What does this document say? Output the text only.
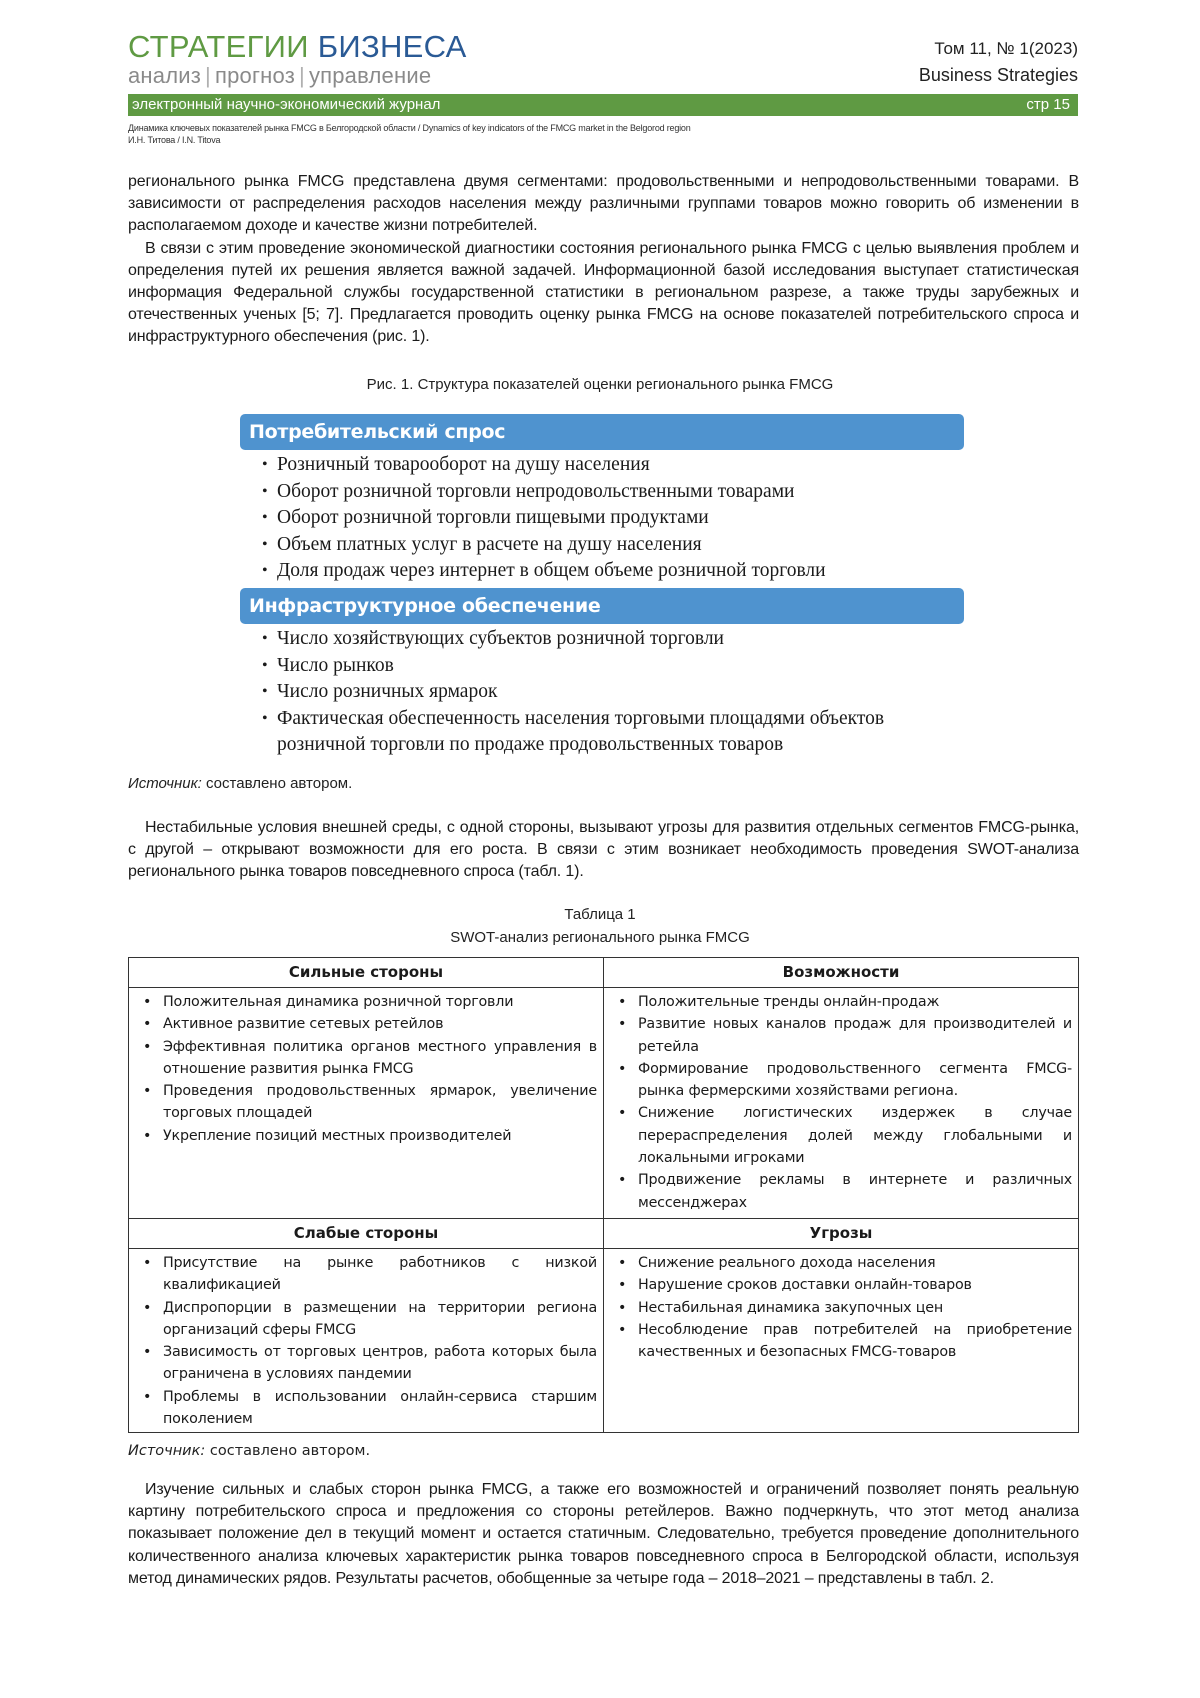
СТРАТЕГИИ БИЗНЕСА
анализ | прогноз | управление
Том 11, № 1(2023)
Business Strategies
электронный научно-экономический журнал	стр 15
Динамика ключевых показателей рынка FMCG в Белгородской области / Dynamics of key indicators of the FMCG market in the Belgorod region
И.Н. Титова / I.N. Titova

регионального рынка FMCG представлена двумя сегментами: продовольственными и непродовольственными товарами. В зависимости от распределения расходов населения между различными группами товаров можно говорить об изменении в располагаемом доходе и качестве жизни потребителей.

В связи с этим проведение экономической диагностики состояния регионального рынка FMCG с целью выявления проблем и определения путей их решения является важной задачей. Информационной базой исследования выступает статистическая информация Федеральной службы государственной статистики в региональном разрезе, а также труды зарубежных и отечественных ученых [5; 7]. Предлагается проводить оценку рынка FMCG на основе показателей потребительского спроса и инфраструктурного обеспечения (рис. 1).

Рис. 1. Структура показателей оценки регионального рынка FMCG
Потребительский спрос
• Розничный товарооборот на душу населения
• Оборот розничной торговли непродовольственными товарами
• Оборот розничной торговли пищевыми продуктами
• Объем платных услуг в расчете на душу населения
• Доля продаж через интернет в общем объеме розничной торговли
Инфраструктурное обеспечение
• Число хозяйствующих субъектов розничной торговли
• Число рынков
• Число розничных ярмарок
• Фактическая обеспеченность населения торговыми площадями объектов розничной торговли по продаже продовольственных товаров
Источник: составлено автором.

Нестабильные условия внешней среды, с одной стороны, вызывают угрозы для развития отдельных сегментов FMCG-рынка, с другой – открывают возможности для его роста. В связи с этим возникает необходимость проведения SWOT-анализа регионального рынка товаров повседневного спроса (табл. 1).

Таблица 1
SWOT-анализ регионального рынка FMCG
Сильные стороны	Возможности

• Положительная динамика розничной торговли
• Активное развитие сетевых ретейлов
• Эффективная политика органов местного управления в отношение развития рынка FMCG
• Проведения продовольственных ярмарок, увеличение торговых площадей
• Укрепление позиций местных производителей

• Положительные тренды онлайн-продаж
• Развитие новых каналов продаж для производителей и ретейла
• Формирование продовольственного сегмента FMCG-рынка фермерскими хозяйствами региона.
• Снижение логистических издержек в случае перераспределения долей между глобальными и локальными игроками
• Продвижение рекламы в интернете и различных мессенджерах

Слабые стороны	Угрозы

• Присутствие на рынке работников с низкой квалификацией
• Диспропорции в размещении на территории региона организаций сферы FMCG
• Зависимость от торговых центров, работа которых была ограничена в условиях пандемии
• Проблемы в использовании онлайн-сервиса старшим поколением

• Снижение реального дохода населения
• Нарушение сроков доставки онлайн-товаров
• Нестабильная динамика закупочных цен
• Несоблюдение прав потребителей на приобретение качественных и безопасных FMCG-товаров
Источник: составлено автором.

Изучение сильных и слабых сторон рынка FMCG, а также его возможностей и ограничений позволяет понять реальную картину потребительского спроса и предложения со стороны ретейлеров. Важно подчеркнуть, что этот метод анализа показывает положение дел в текущий момент и остается статичным. Следовательно, требуется проведение дополнительного количественного анализа ключевых характеристик рынка товаров повседневного спроса в Белгородской области, используя метод динамических рядов. Результаты расчетов, обобщенные за четыре года – 2018–2021 – представлены в табл. 2.
